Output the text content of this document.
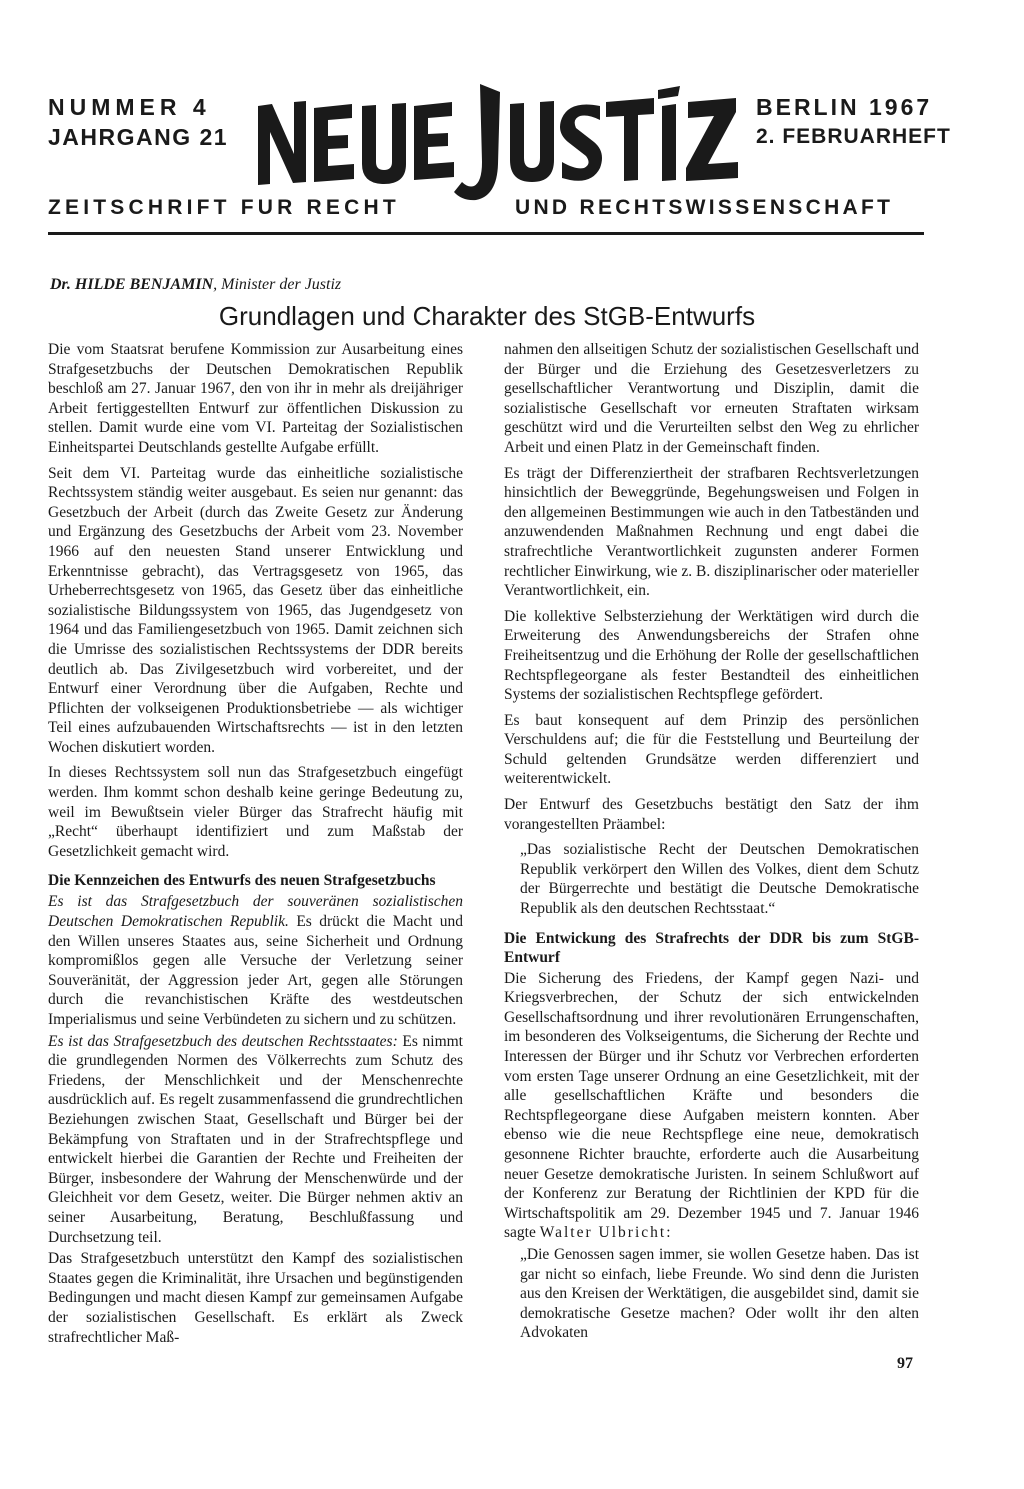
NUMMER 4
JAHRGANG 21
BERLIN 1967
2. FEBRUARHEFT
ZEITSCHRIFT FUR RECHT	UND RECHTSWISSENSCHAFT
Dr. HILDE BENJAMIN, Minister der Justiz
Grundlagen und Charakter des StGB-Entwurfs

Die vom Staatsrat berufene Kommission zur Ausarbeitung eines Strafgesetzbuchs der Deutschen Demokratischen Republik beschloß am 27. Januar 1967, den von ihr in mehr als dreijähriger Arbeit fertiggestellten Entwurf zur öffentlichen Diskussion zu stellen. Damit wurde eine vom VI. Parteitag der Sozialistischen Einheitspartei Deutschlands gestellte Aufgabe erfüllt.

Seit dem VI. Parteitag wurde das einheitliche sozialistische Rechtssystem ständig weiter ausgebaut. Es seien nur genannt: das Gesetzbuch der Arbeit (durch das Zweite Gesetz zur Änderung und Ergänzung des Gesetzbuchs der Arbeit vom 23. November 1966 auf den neuesten Stand unserer Entwicklung und Erkenntnisse gebracht), das Vertragsgesetz von 1965, das Urheberrechtsgesetz von 1965, das Gesetz über das einheitliche sozialistische Bildungssystem von 1965, das Jugendgesetz von 1964 und das Familiengesetzbuch von 1965. Damit zeichnen sich die Umrisse des sozialistischen Rechtssystems der DDR bereits deutlich ab. Das Zivilgesetzbuch wird vorbereitet, und der Entwurf einer Verordnung über die Aufgaben, Rechte und Pflichten der volkseigenen Produktionsbetriebe — als wichtiger Teil eines aufzubauenden Wirtschaftsrechts — ist in den letzten Wochen diskutiert worden.

In dieses Rechtssystem soll nun das Strafgesetzbuch eingefügt werden. Ihm kommt schon deshalb keine geringe Bedeutung zu, weil im Bewußtsein vieler Bürger das Strafrecht häufig mit „Recht“ überhaupt identifiziert und zum Maßstab der Gesetzlichkeit gemacht wird.

Die Kennzeichen des Entwurfs des neuen Strafgesetzbuchs

Es ist das Strafgesetzbuch der souveränen sozialistischen Deutschen Demokratischen Republik. Es drückt die Macht und den Willen unseres Staates aus, seine Sicherheit und Ordnung kompromißlos gegen alle Versuche der Verletzung seiner Souveränität, der Aggression jeder Art, gegen alle Störungen durch die revanchistischen Kräfte des westdeutschen Imperialismus und seine Verbündeten zu sichern und zu schützen.

Es ist das Strafgesetzbuch des deutschen Rechtsstaates: Es nimmt die grundlegenden Normen des Völkerrechts zum Schutz des Friedens, der Menschlichkeit und der Menschenrechte ausdrücklich auf. Es regelt zusammenfassend die grundrechtlichen Beziehungen zwischen Staat, Gesellschaft und Bürger bei der Bekämpfung von Straftaten und in der Strafrechtspflege und entwickelt hierbei die Garantien der Rechte und Freiheiten der Bürger, insbesondere der Wahrung der Menschenwürde und der Gleichheit vor dem Gesetz, weiter. Die Bürger nehmen aktiv an seiner Ausarbeitung, Beratung, Beschlußfassung und Durchsetzung teil.

Das Strafgesetzbuch unterstützt den Kampf des sozialistischen Staates gegen die Kriminalität, ihre Ursachen und begünstigenden Bedingungen und macht diesen Kampf zur gemeinsamen Aufgabe der sozialistischen Gesellschaft. Es erklärt als Zweck strafrechtlicher Maß-

nahmen den allseitigen Schutz der sozialistischen Gesellschaft und der Bürger und die Erziehung des Gesetzesverletzers zu gesellschaftlicher Verantwortung und Disziplin, damit die sozialistische Gesellschaft vor erneuten Straftaten wirksam geschützt wird und die Verurteilten selbst den Weg zu ehrlicher Arbeit und einen Platz in der Gemeinschaft finden.

Es trägt der Differenziertheit der strafbaren Rechtsverletzungen hinsichtlich der Beweggründe, Begehungsweisen und Folgen in den allgemeinen Bestimmungen wie auch in den Tatbeständen und anzuwendenden Maßnahmen Rechnung und engt dabei die strafrechtliche Verantwortlichkeit zugunsten anderer Formen rechtlicher Einwirkung, wie z. B. disziplinarischer oder materieller Verantwortlichkeit, ein.

Die kollektive Selbsterziehung der Werktätigen wird durch die Erweiterung des Anwendungsbereichs der Strafen ohne Freiheitsentzug und die Erhöhung der Rolle der gesellschaftlichen Rechtspflegeorgane als fester Bestandteil des einheitlichen Systems der sozialistischen Rechtspflege gefördert.

Es baut konsequent auf dem Prinzip des persönlichen Verschuldens auf; die für die Feststellung und Beurteilung der Schuld geltenden Grundsätze werden differenziert und weiterentwickelt.

Der Entwurf des Gesetzbuchs bestätigt den Satz der ihm vorangestellten Präambel:

„Das sozialistische Recht der Deutschen Demokratischen Republik verkörpert den Willen des Volkes, dient dem Schutz der Bürgerrechte und bestätigt die Deutsche Demokratische Republik als den deutschen Rechtsstaat.“

Die Entwickung des Strafrechts der DDR bis zum StGB-Entwurf

Die Sicherung des Friedens, der Kampf gegen Nazi- und Kriegsverbrechen, der Schutz der sich entwickelnden Gesellschaftsordnung und ihrer revolutionären Errungenschaften, im besonderen des Volkseigentums, die Sicherung der Rechte und Interessen der Bürger und ihr Schutz vor Verbrechen erforderten vom ersten Tage unserer Ordnung an eine Gesetzlichkeit, mit der alle gesellschaftlichen Kräfte und besonders die Rechtspflegeorgane diese Aufgaben meistern konnten. Aber ebenso wie die neue Rechtspflege eine neue, demokratisch gesonnene Richter brauchte, erforderte auch die Ausarbeitung neuer Gesetze demokratische Juristen. In seinem Schlußwort auf der Konferenz zur Beratung der Richtlinien der KPD für die Wirtschaftspolitik am 29. Dezember 1945 und 7. Januar 1946 sagte Walter Ulbricht:

„Die Genossen sagen immer, sie wollen Gesetze haben. Das ist gar nicht so einfach, liebe Freunde. Wo sind denn die Juristen aus den Kreisen der Werktätigen, die ausgebildet sind, damit sie demokratische Gesetze machen? Oder wollt ihr den alten Advokaten

97
